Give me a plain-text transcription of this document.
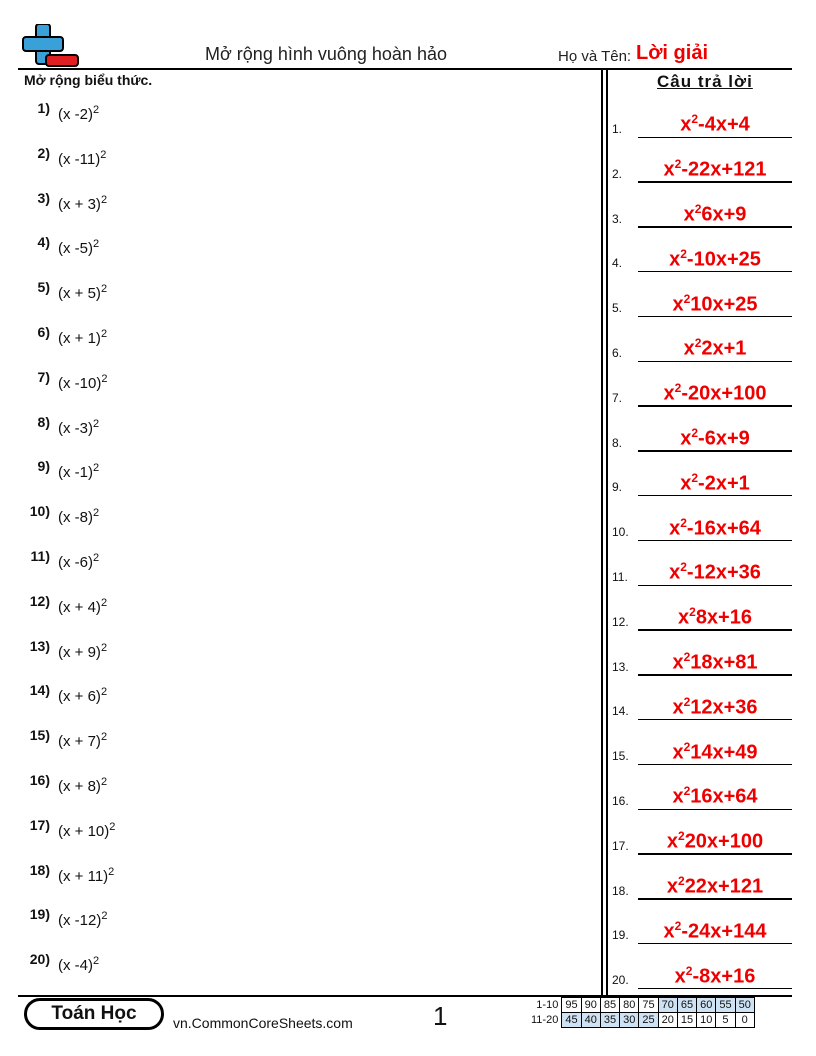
Mở rộng hình vuông hoàn hảo	Họ và Tên: Lời giải
Mở rộng biểu thức.
1) (x -2)$^2$
2) (x -11)$^2$
3) $(x + 3)^2$
4) (x -5)$^2$
5) $(x + 5)^2$
6) $(x + 1)^2$
7) (x -10)$^2$
8) (x -3)$^2$
9) (x -1)$^2$
10) (x -8)$^2$
11) (x -6)$^2$
12) $(x + 4)^2$
13) $(x + 9)^2$
14) $(x + 6)^2$
15) $(x + 7)^2$
16) $(x + 8)^2$
17) $(x + 10)^2$
18) $(x + 11)^2$
19) (x -12)$^2$
20) (x -4)$^2$
Câu trả lời
1.	$x^2-4x+4$
2.	$x^2-22x+121$
3.	$x^26x+9$
4.	$x^2-10x+25$
5.	$x^210x+25$
6.	$x^22x+1$
7.	$x^2-20x+100$
8.	$x^2-6x+9$
9.	$x^2-2x+1$
10.	$x^2-16x+64$
11.	$x^2-12x+36$
12.	$x^28x+16$
13.	$x^218x+81$
14.	$x^212x+36$
15.	$x^214x+49$
16.	$x^216x+64$
17.	$x^220x+100$
18.	$x^222x+121$
19.	$x^2-24x+144$
20.	$x^2-8x+16$
Toán Học	vn.CommonCoreSheets.com	1	1-10	95	90	85	80	75	70	65	60	55	50
11-20	45	40	35	30	25	20	15	10	5	0
